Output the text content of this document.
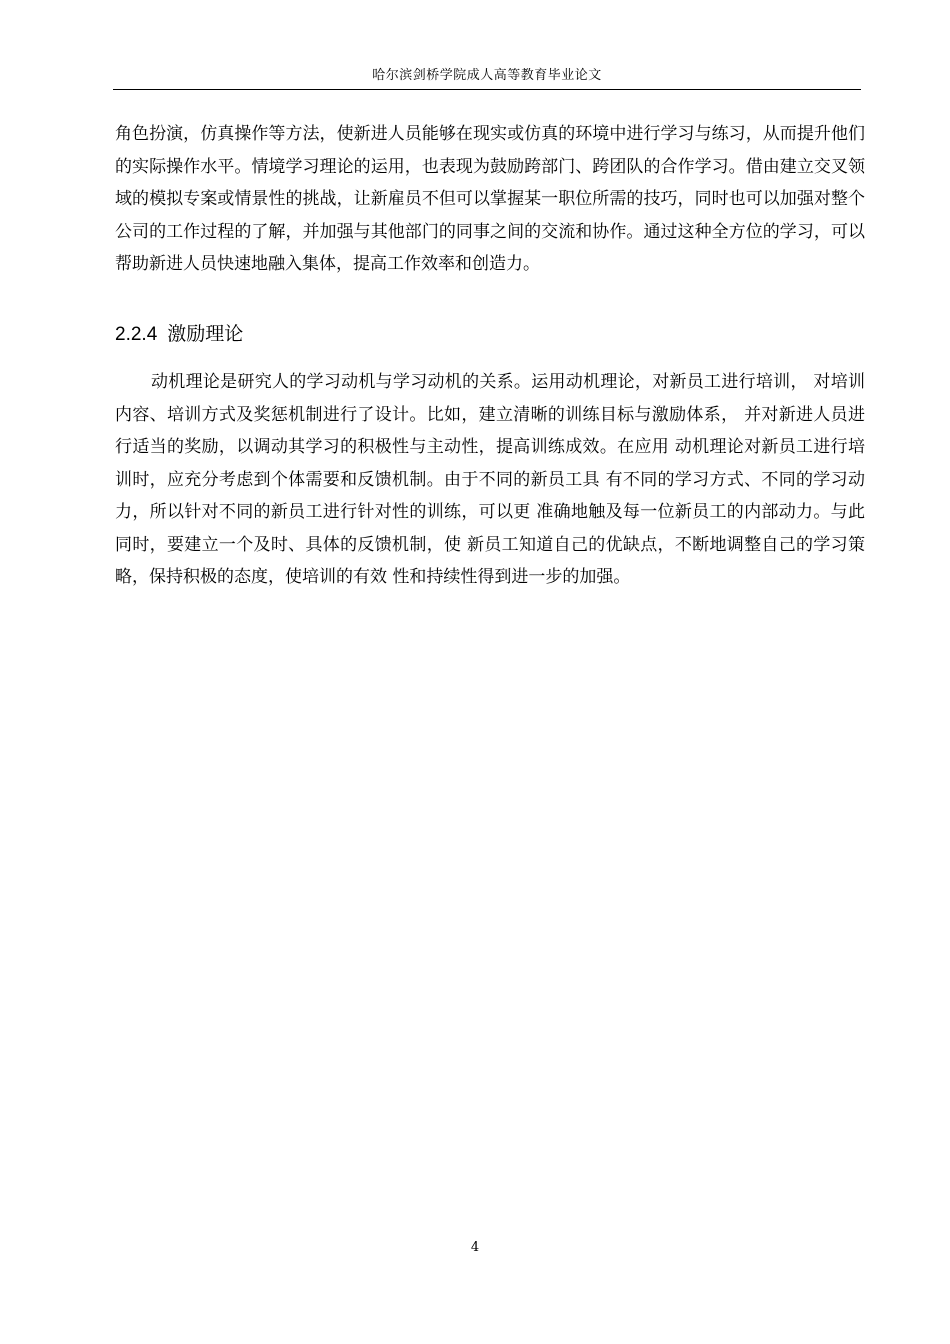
哈尔滨剑桥学院成人高等教育毕业论文

角色扮演，仿真操作等方法，使新进人员能够在现实或仿真的环境中进行学习与练习，从而提升他们的实际操作水平。情境学习理论的运用，也表现为鼓励跨部门、跨团队的合作学习。借由建立交叉领域的模拟专案或情景性的挑战，让新雇员不但可以掌握某一职位所需的技巧，同时也可以加强对整个公司的工作过程的了解，并加强与其他部门的同事之间的交流和协作。通过这种全方位的学习，可以帮助新进人员快速地融入集体，提高工作效率和创造力。

2.2.4 激励理论

动机理论是研究人的学习动机与学习动机的关系。运用动机理论，对新员工进行培训， 对培训内容、培训方式及奖惩机制进行了设计。比如，建立清晰的训练目标与激励体系， 并对新进人员进行适当的奖励，以调动其学习的积极性与主动性，提高训练成效。在应用 动机理论对新员工进行培训时，应充分考虑到个体需要和反馈机制。由于不同的新员工具 有不同的学习方式、不同的学习动力，所以针对不同的新员工进行针对性的训练，可以更 准确地触及每一位新员工的内部动力。与此同时，要建立一个及时、具体的反馈机制，使 新员工知道自己的优缺点，不断地调整自己的学习策略，保持积极的态度，使培训的有效 性和持续性得到进一步的加强。

4
